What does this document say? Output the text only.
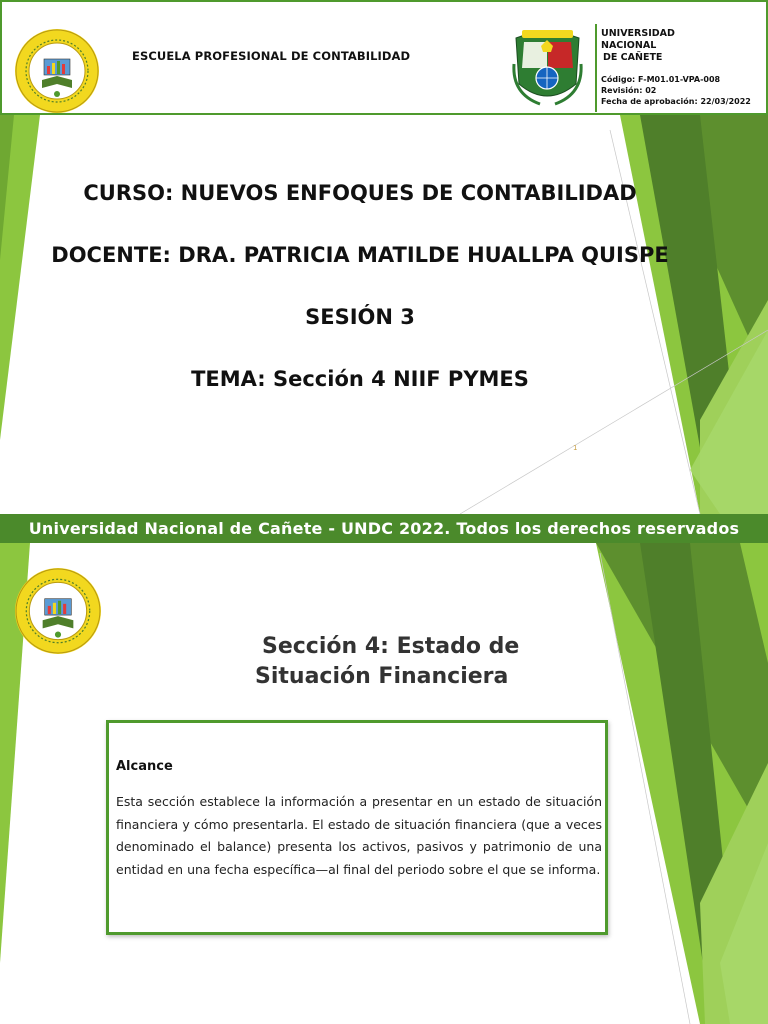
ESCUELA PROFESIONAL DE CONTABILIDAD
UNIVERSIDAD NACIONAL
DE CAÑETE
Código: F-M01.01-VPA-008
Revisión: 02
Fecha de aprobación: 22/03/2022
CURSO: NUEVOS ENFOQUES DE CONTABILIDAD
DOCENTE: DRA. PATRICIA MATILDE HUALLPA QUISPE
SESIÓN 3
TEMA: Sección 4 NIIF PYMES
1
Universidad Nacional de Cañete - UNDC 2022. Todos los derechos reservados
Sección 4: Estado de
Situación Financiera
Alcance
Esta sección establece la información a presentar en un estado de situación financiera y cómo presentarla. El estado de situación financiera (que a veces denominado el balance) presenta los activos, pasivos y patrimonio de una entidad en una fecha específica—al final del periodo sobre el que se informa.
